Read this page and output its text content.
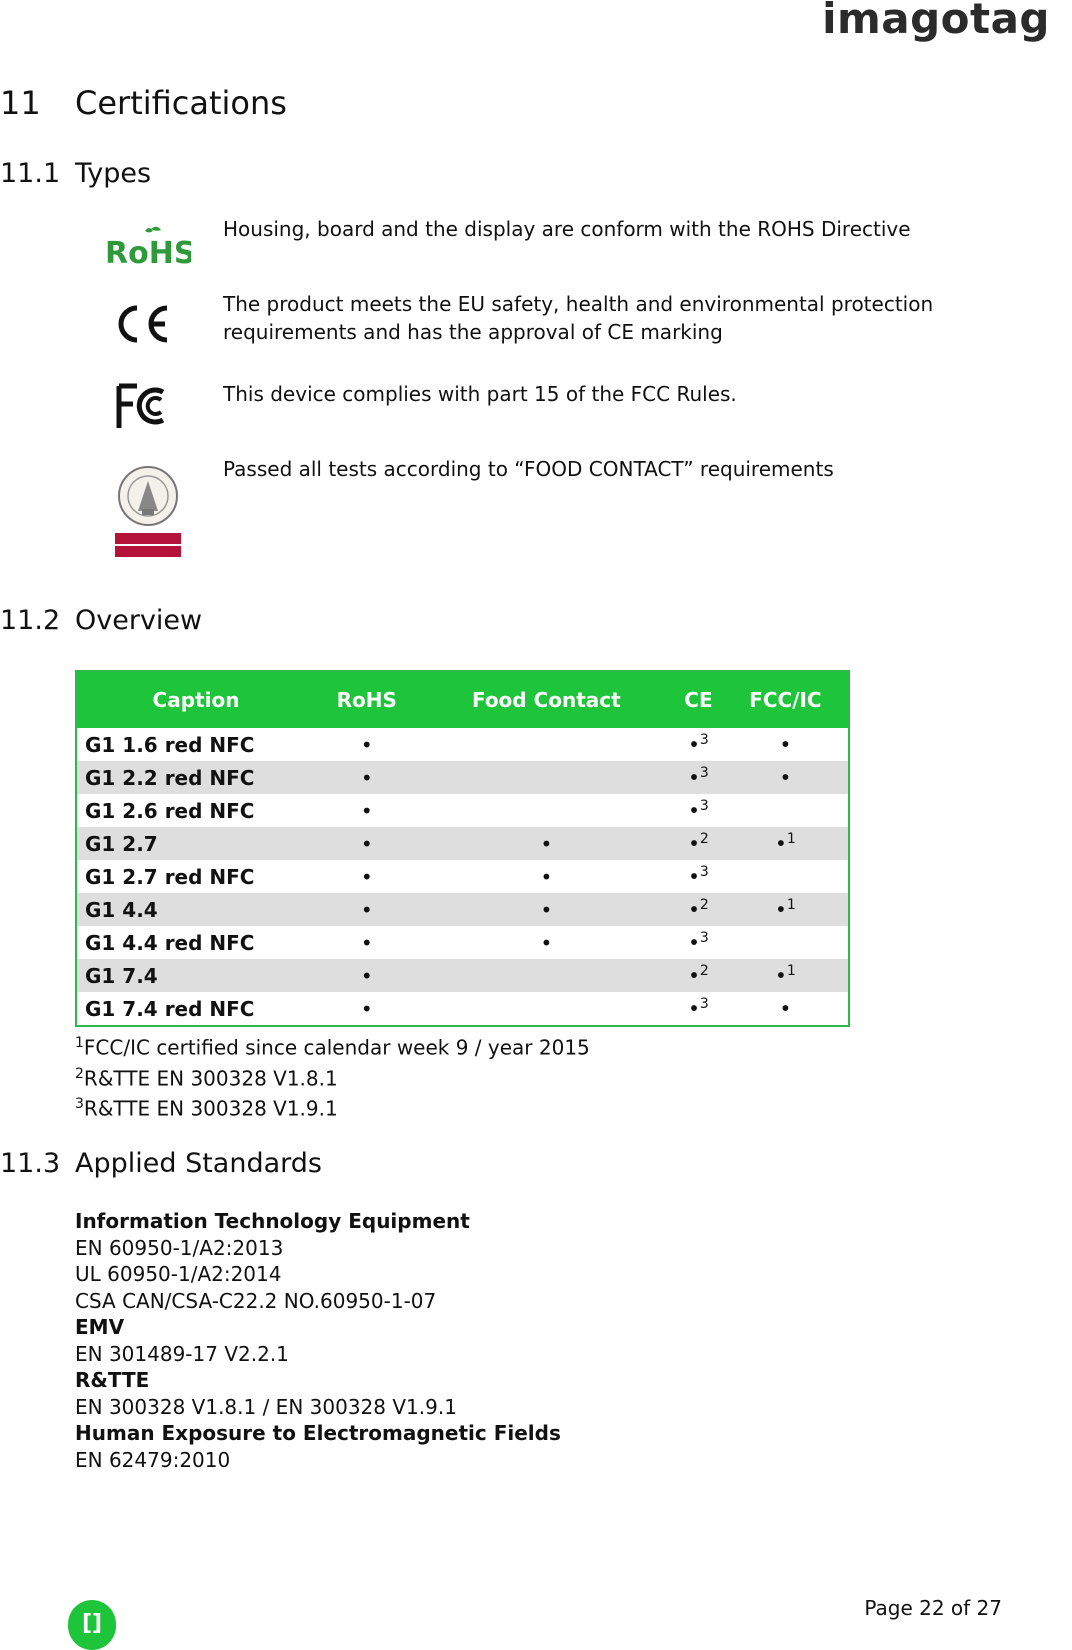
imagotag
11 Certifications
11.1 Types
RoHS
Housing, board and the display are conform with the ROHS Directive
The product meets the EU safety, health and environmental protection requirements and has the approval of CE marking
This device complies with part 15 of the FCC Rules.
Passed all tests according to “FOOD CONTACT” requirements
11.2 Overview
Caption	RoHS	Food Contact	CE	FCC/IC
G1 1.6 red NFC	•		•$^3$	•
G1 2.2 red NFC	•		•$^3$	•
G1 2.6 red NFC	•		•$^3$	
G1 2.7	•	•	•$^2$	•$^1$
G1 2.7 red NFC	•	•	•$^3$	
G1 4.4	•	•	•$^2$	•$^1$
G1 4.4 red NFC	•	•	•$^3$	
G1 7.4	•		•$^2$	•$^1$
G1 7.4 red NFC	•		•$^3$	•
$^1$FCC/IC certified since calendar week 9 / year 2015
$^2$R&TTE EN 300328 V1.8.1
$^3$R&TTE EN 300328 V1.9.1
11.3 Applied Standards
Information Technology Equipment
EN 60950-1/A2:2013
UL 60950-1/A2:2014
CSA CAN/CSA-C22.2 NO.60950-1-07
EMV
EN 301489-17 V2.2.1
R&TTE
EN 300328 V1.8.1 / EN 300328 V1.9.1
Human Exposure to Electromagnetic Fields
EN 62479:2010
[]
Page 22 of 27
